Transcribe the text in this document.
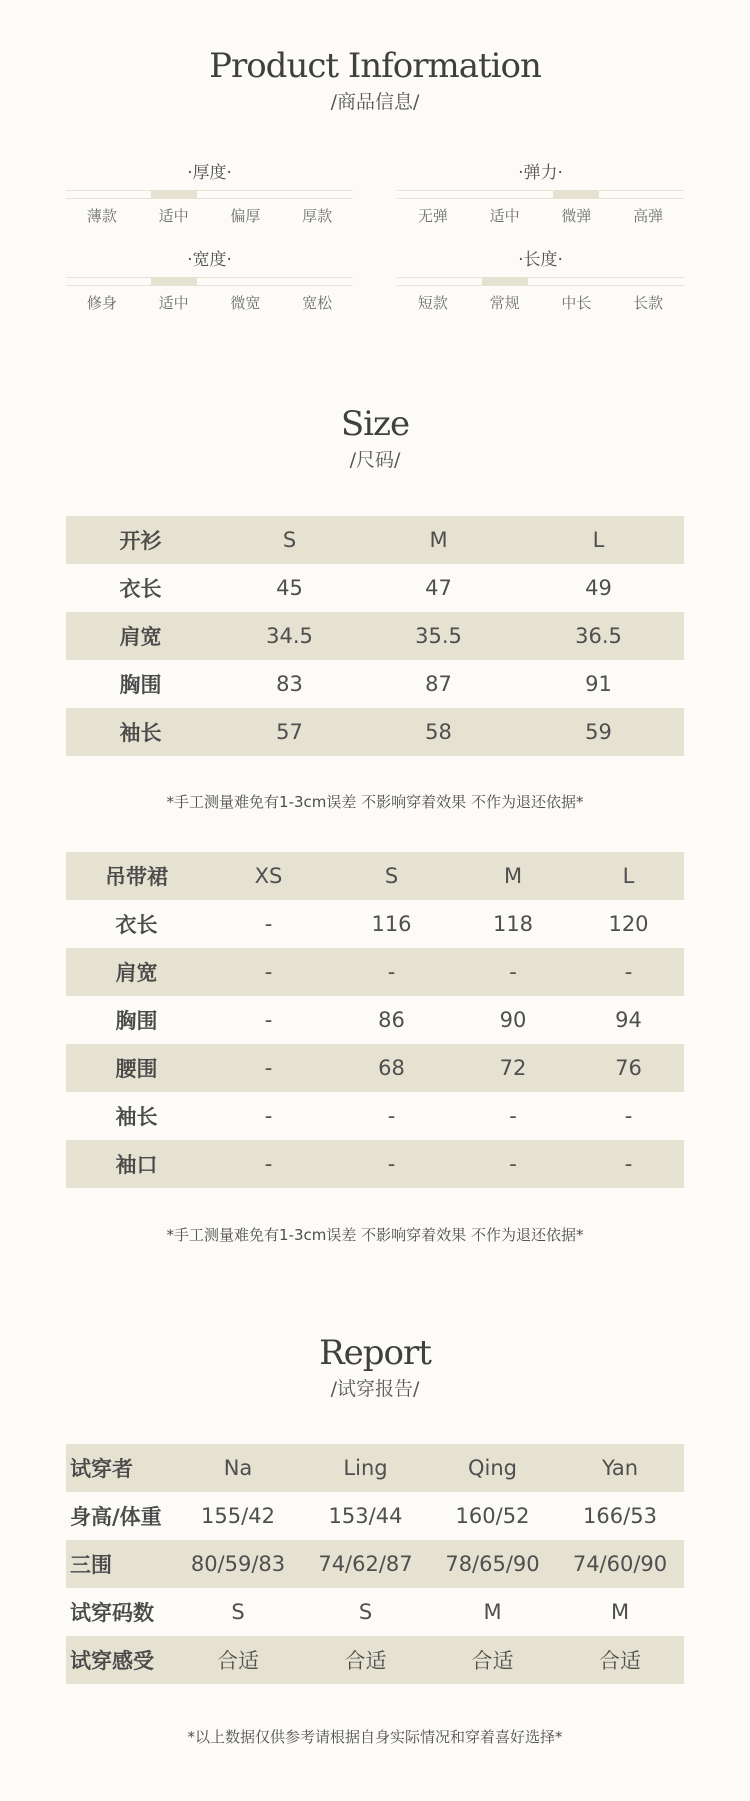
Product Information
/商品信息/
·厚度·
薄款	适中	偏厚	厚款
·弹力·
无弹	适中	微弹	高弹
·宽度·
修身	适中	微宽	宽松
·长度·
短款	常规	中长	长款
Size
/尺码/
开衫	S	M	L
衣长	45	47	49
肩宽	34.5	35.5	36.5
胸围	83	87	91
袖长	57	58	59
*手工测量难免有1-3cm误差 不影响穿着效果 不作为退还依据*
吊带裙	XS	S	M	L
衣长	-	116	118	120
肩宽	-	-	-	-
胸围	-	86	90	94
腰围	-	68	72	76
袖长	-	-	-	-
袖口	-	-	-	-
*手工测量难免有1-3cm误差 不影响穿着效果 不作为退还依据*
Report
/试穿报告/
试穿者	Na	Ling	Qing	Yan
身高/体重	155/42	153/44	160/52	166/53
三围	80/59/83	74/62/87	78/65/90	74/60/90
试穿码数	S	S	M	M
试穿感受	合适	合适	合适	合适
*以上数据仅供参考请根据自身实际情况和穿着喜好选择*
